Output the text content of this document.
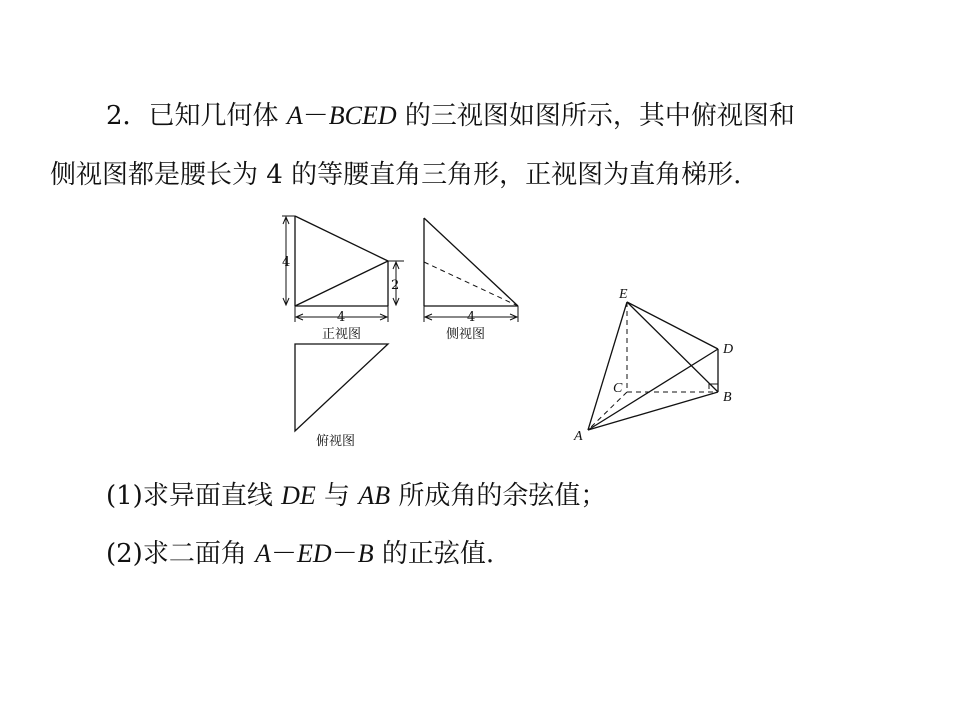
2．已知几何体 A－BCED 的三视图如图所示，其中俯视图和
侧视图都是腰长为 4 的等腰直角三角形，正视图为直角梯形.
4
2
4	4
正视图	侧视图
俯视图
E
D
C
B
A
(1)求异面直线 DE 与 AB 所成角的余弦值；
(2)求二面角 A－ED－B 的正弦值.
